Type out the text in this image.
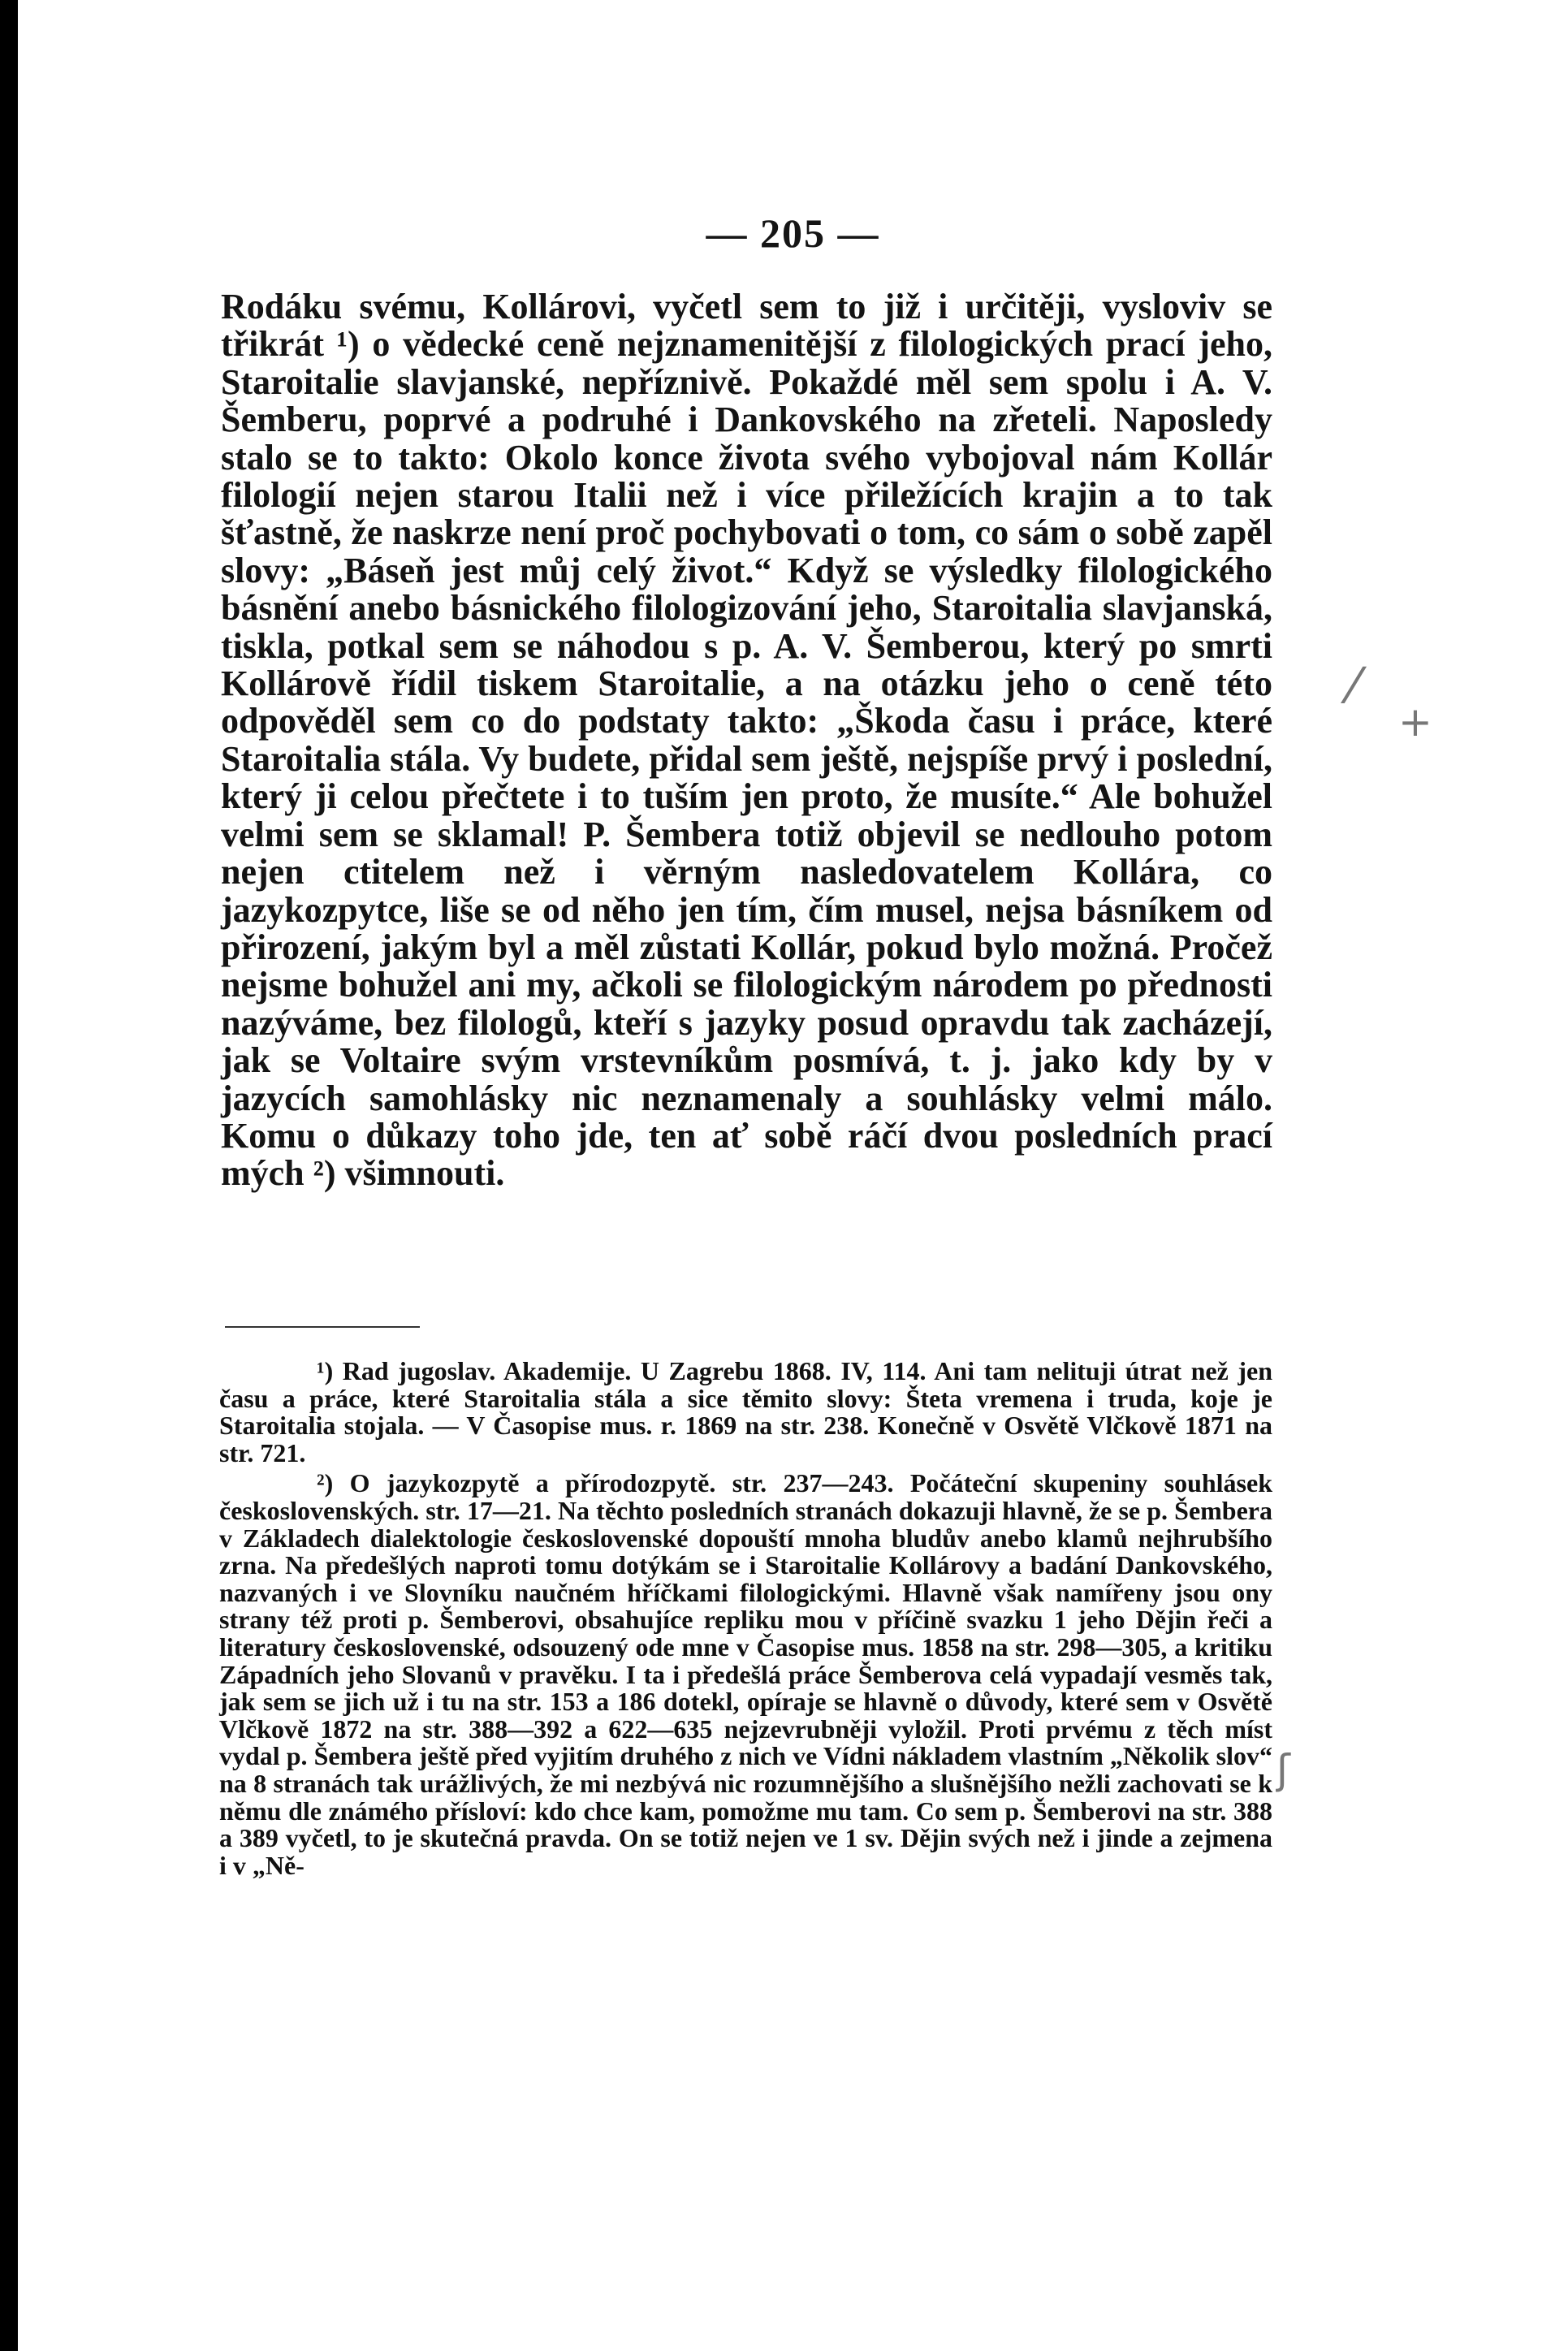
— 205 —

Rodáku svému, Kollárovi, vyčetl sem to již i určitěji, vysloviv se třikrát ¹) o vědecké ceně nejznamenitější z filologických prací jeho, Staroitalie slavjanské, nepříznivě. Pokaždé měl sem spolu i A. V. Šemberu, poprvé a podruhé i Dankovského na zřeteli. Naposledy stalo se to takto: Okolo konce života svého vybojoval nám Kollár filologií nejen starou Italii než i více přiležících krajin a to tak šťastně, že naskrze není proč pochybovati o tom, co sám o sobě zapěl slovy: „Báseň jest můj celý život.“ Když se výsledky filologického básnění anebo básnického filologizování jeho, Staroitalia slavjanská, tiskla, potkal sem se náhodou s p. A. V. Šemberou, který po smrti Kollárově řídil tiskem Staroitalie, a na otázku jeho o ceně této odpověděl sem co do podstaty takto: „Škoda času i práce, které Staroitalia stála. Vy budete, přidal sem ještě, nejspíše prvý i poslední, který ji celou přečtete i to tuším jen proto, že musíte.“ Ale bohužel velmi sem se sklamal! P. Šembera totiž objevil se nedlouho potom nejen ctitelem než i věrným nasledovatelem Kollára, co jazykozpytce, liše se od něho jen tím, čím musel, nejsa básníkem od přirození, jakým byl a měl zůstati Kollár, pokud bylo možná. Pročež nejsme bohužel ani my, ačkoli se filologickým národem po přednosti nazýváme, bez filologů, kteří s jazyky posud opravdu tak zacházejí, jak se Voltaire svým vrstevníkům posmívá, t. j. jako kdy by v jazycích samohlásky nic neznamenaly a souhlásky velmi málo. Komu o důkazy toho jde, ten ať sobě ráčí dvou posledních prací mých ²) všimnouti.

¹) Rad jugoslav. Akademije. U Zagrebu 1868. IV, 114. Ani tam nelituji útrat než jen času a práce, které Staroitalia stála a sice těmito slovy: Šteta vremena i truda, koje je Staroitalia stojala. — V Časopise mus. r. 1869 na str. 238. Konečně v Osvětě Vlčkově 1871 na str. 721.

²) O jazykozpytě a přírodozpytě. str. 237—243. Počáteční skupeniny souhlásek československých. str. 17—21. Na těchto posledních stranách dokazuji hlavně, že se p. Šembera v Základech dialektologie československé dopouští mnoha bludův anebo klamů nejhrubšího zrna. Na předešlých naproti tomu dotýkám se i Staroitalie Kollárovy a badání Dankovského, nazvaných i ve Slovníku naučném hříčkami filologickými. Hlavně však namířeny jsou ony strany též proti p. Šemberovi, obsahujíce repliku mou v příčině svazku 1 jeho Dějin řeči a literatury československé, odsouzený ode mne v Časopise mus. 1858 na str. 298—305, a kritiku Západních jeho Slovanů v pravěku. I ta i předešlá práce Šemberova celá vypadají vesměs tak, jak sem se jich už i tu na str. 153 a 186 dotekl, opíraje se hlavně o důvody, které sem v Osvětě Vlčkově 1872 na str. 388—392 a 622—635 nejzevrubněji vyložil. Proti prvému z těch míst vydal p. Šembera ještě před vyjitím druhého z nich ve Vídni nákladem vlastním „Několik slov“ na 8 stranách tak urážlivých, že mi nezbývá nic rozumnějšího a slušnějšího nežli zachovati se k němu dle známého přísloví: kdo chce kam, pomožme mu tam. Co sem p. Šemberovi na str. 388 a 389 vyčetl, to je skutečná pravda. On se totiž nejen ve 1 sv. Dějin svých než i jinde a zejmena i v „Ně-

⁄
+
ʃ
